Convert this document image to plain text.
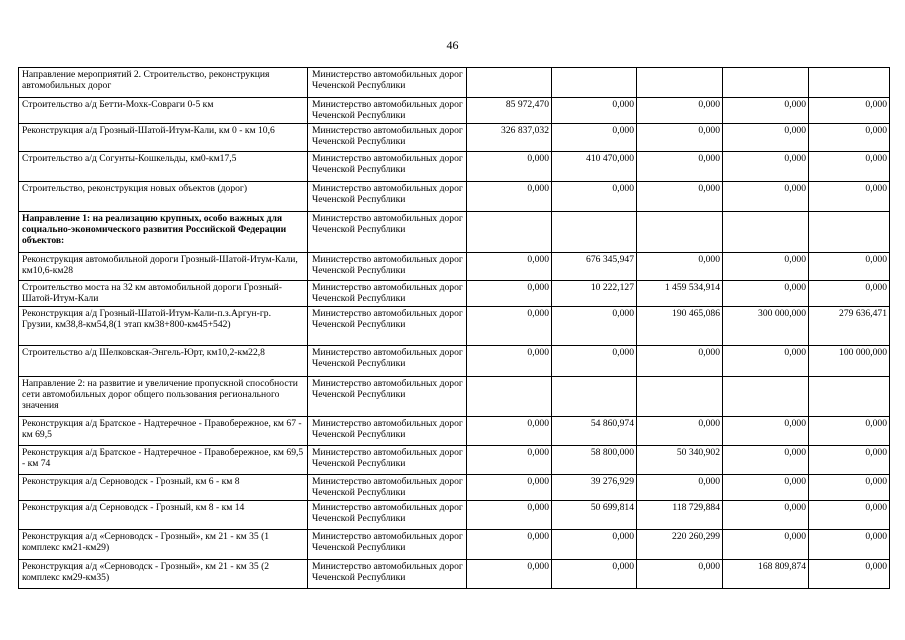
46
Направление мероприятий 2. Строительство, реконструкция автомобильных дорог	Министерство автомобильных дорог Чеченской Республики					
Строительство а/д Бетти-Мохк-Совраги 0-5 км	Министерство автомобильных дорог Чеченской Республики	85 972,470	0,000	0,000	0,000	0,000
Реконструкция а/д Грозный-Шатой-Итум-Кали, км 0 - км 10,6	Министерство автомобильных дорог Чеченской Республики	326 837,032	0,000	0,000	0,000	0,000
Строительство а/д Согунты-Кошкельды, км0-км17,5	Министерство автомобильных дорог Чеченской Республики	0,000	410 470,000	0,000	0,000	0,000
Строительство, реконструкция новых объектов (дорог)	Министерство автомобильных дорог Чеченской Республики	0,000	0,000	0,000	0,000	0,000
Направление 1: на реализацию крупных, особо важных для социально-экономического развития Российской Федерации объектов:	Министерство автомобильных дорог Чеченской Республики					
Реконструкция автомобильной дороги Грозный-Шатой-Итум-Кали, км10,6-км28	Министерство автомобильных дорог Чеченской Республики	0,000	676 345,947	0,000	0,000	0,000
Строительство моста на 32 км автомобильной дороги Грозный-Шатой-Итум-Кали	Министерство автомобильных дорог Чеченской Республики	0,000	10 222,127	1 459 534,914	0,000	0,000
Реконструкция а/д Грозный-Шатой-Итум-Кали-п.з.Аргун-гр. Грузии, км38,8-км54,8(1 этап км38+800-км45+542)	Министерство автомобильных дорог Чеченской Республики	0,000	0,000	190 465,086	300 000,000	279 636,471
Строительство а/д Шелковская-Энгель-Юрт, км10,2-км22,8	Министерство автомобильных дорог Чеченской Республики	0,000	0,000	0,000	0,000	100 000,000
Направление 2: на развитие и увеличение пропускной способности сети автомобильных дорог общего пользования регионального значения	Министерство автомобильных дорог Чеченской Республики					
Реконструкция а/д Братское - Надтеречное - Правобережное, км 67 - км 69,5	Министерство автомобильных дорог Чеченской Республики	0,000	54 860,974	0,000	0,000	0,000
Реконструкция а/д Братское - Надтеречное - Правобережное, км 69,5 - км 74	Министерство автомобильных дорог Чеченской Республики	0,000	58 800,000	50 340,902	0,000	0,000
Реконструкция а/д Серноводск - Грозный, км 6 - км 8	Министерство автомобильных дорог Чеченской Республики	0,000	39 276,929	0,000	0,000	0,000
Реконструкция а/д Серноводск - Грозный, км 8 - км 14	Министерство автомобильных дорог Чеченской Республики	0,000	50 699,814	118 729,884	0,000	0,000
Реконструкция а/д «Серноводск - Грозный», км 21 - км 35 (1 комплекс км21-км29)	Министерство автомобильных дорог Чеченской Республики	0,000	0,000	220 260,299	0,000	0,000
Реконструкция а/д «Серноводск - Грозный», км 21 - км 35 (2 комплекс км29-км35)	Министерство автомобильных дорог Чеченской Республики	0,000	0,000	0,000	168 809,874	0,000
